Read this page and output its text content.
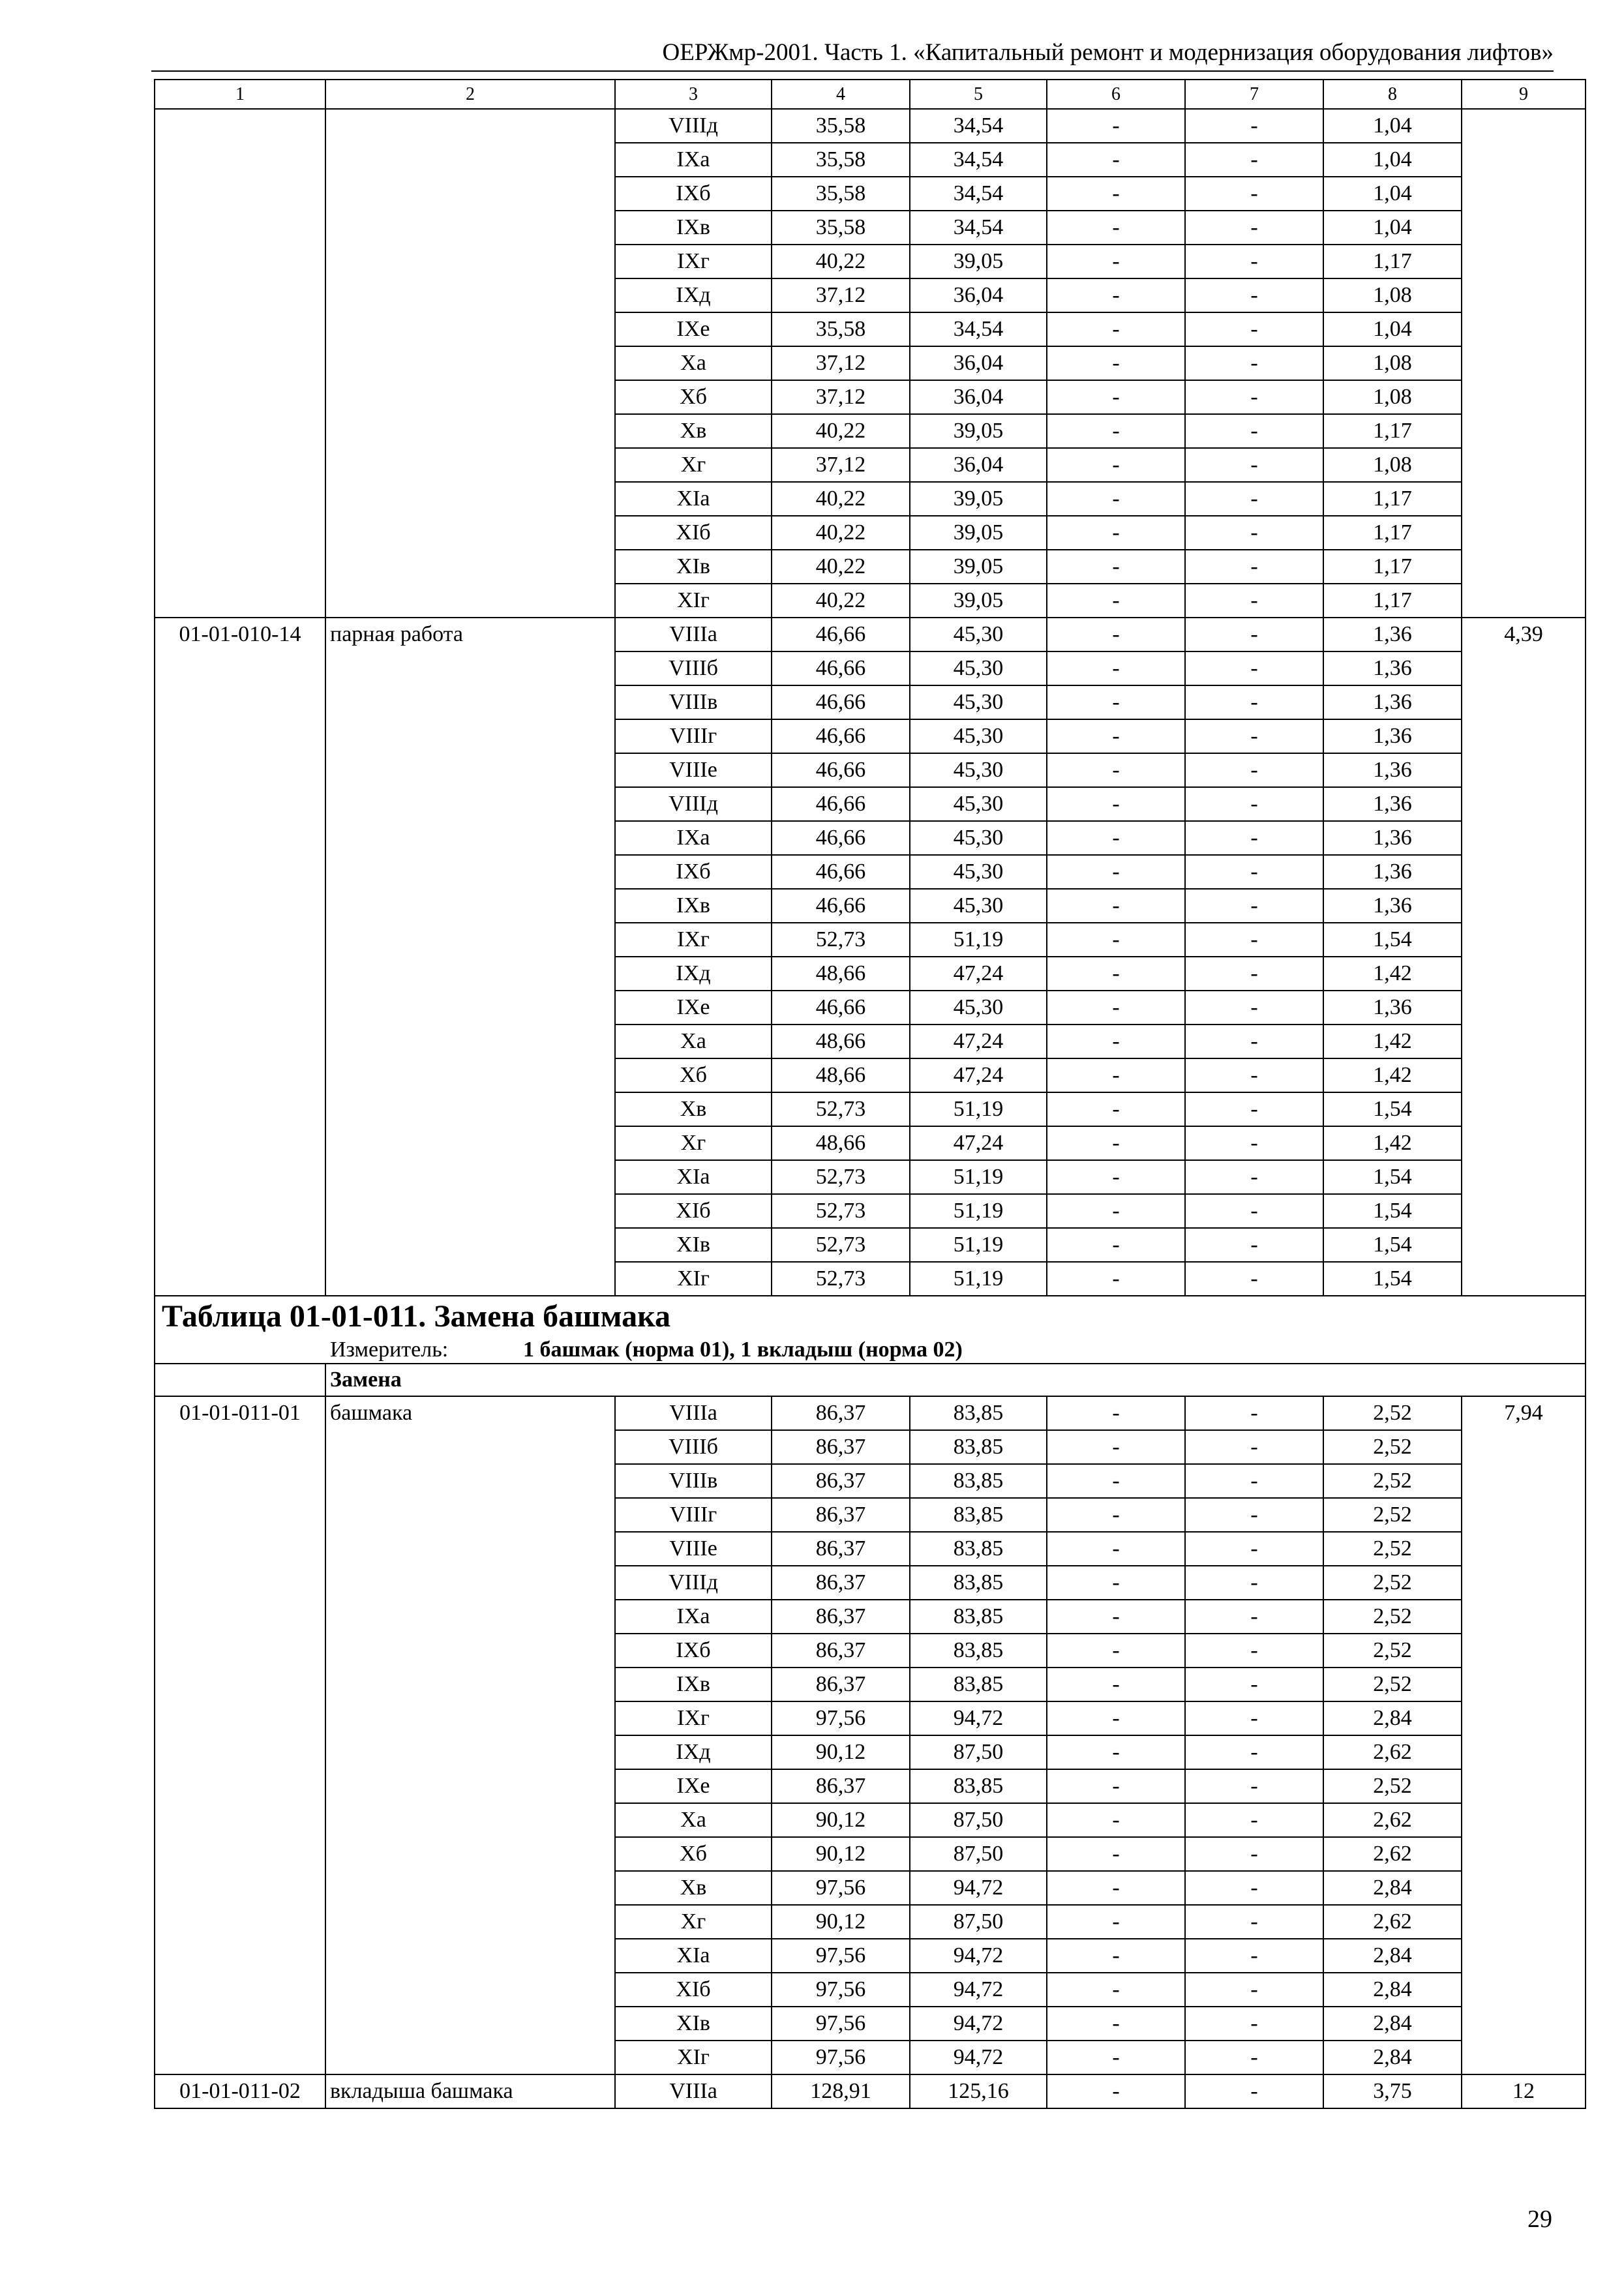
ОЕРЖмр-2001. Часть 1. «Капитальный ремонт и модернизация оборудования лифтов»
1	2	3	4	5	6	7	8	9
		VIIIд	35,58	34,54	-	-	1,04	
		IXа	35,58	34,54	-	-	1,04	
		IXб	35,58	34,54	-	-	1,04	
		IXв	35,58	34,54	-	-	1,04	
		IXг	40,22	39,05	-	-	1,17	
		IXд	37,12	36,04	-	-	1,08	
		IXе	35,58	34,54	-	-	1,04	
		Xа	37,12	36,04	-	-	1,08	
		Xб	37,12	36,04	-	-	1,08	
		Xв	40,22	39,05	-	-	1,17	
		Xг	37,12	36,04	-	-	1,08	
		XIа	40,22	39,05	-	-	1,17	
		XIб	40,22	39,05	-	-	1,17	
		XIв	40,22	39,05	-	-	1,17	
		XIг	40,22	39,05	-	-	1,17	
01-01-010-14	парная работа	VIIIа	46,66	45,30	-	-	1,36	4,39
		VIIIб	46,66	45,30	-	-	1,36	
		VIIIв	46,66	45,30	-	-	1,36	
		VIIIг	46,66	45,30	-	-	1,36	
		VIIIе	46,66	45,30	-	-	1,36	
		VIIIд	46,66	45,30	-	-	1,36	
		IXа	46,66	45,30	-	-	1,36	
		IXб	46,66	45,30	-	-	1,36	
		IXв	46,66	45,30	-	-	1,36	
		IXг	52,73	51,19	-	-	1,54	
		IXд	48,66	47,24	-	-	1,42	
		IXе	46,66	45,30	-	-	1,36	
		Xа	48,66	47,24	-	-	1,42	
		Xб	48,66	47,24	-	-	1,42	
		Xв	52,73	51,19	-	-	1,54	
		Xг	48,66	47,24	-	-	1,42	
		XIа	52,73	51,19	-	-	1,54	
		XIб	52,73	51,19	-	-	1,54	
		XIв	52,73	51,19	-	-	1,54	
		XIг	52,73	51,19	-	-	1,54	
Таблица 01-01-011. Замена башмака								
Измеритель: 1 башмак (норма 01), 1 вкладыш (норма 02)								
	Замена							
01-01-011-01	башмака	VIIIа	86,37	83,85	-	-	2,52	7,94
		VIIIб	86,37	83,85	-	-	2,52	
		VIIIв	86,37	83,85	-	-	2,52	
		VIIIг	86,37	83,85	-	-	2,52	
		VIIIе	86,37	83,85	-	-	2,52	
		VIIIд	86,37	83,85	-	-	2,52	
		IXа	86,37	83,85	-	-	2,52	
		IXб	86,37	83,85	-	-	2,52	
		IXв	86,37	83,85	-	-	2,52	
		IXг	97,56	94,72	-	-	2,84	
		IXд	90,12	87,50	-	-	2,62	
		IXе	86,37	83,85	-	-	2,52	
		Xа	90,12	87,50	-	-	2,62	
		Xб	90,12	87,50	-	-	2,62	
		Xв	97,56	94,72	-	-	2,84	
		Xг	90,12	87,50	-	-	2,62	
		XIа	97,56	94,72	-	-	2,84	
		XIб	97,56	94,72	-	-	2,84	
		XIв	97,56	94,72	-	-	2,84	
		XIг	97,56	94,72	-	-	2,84	
01-01-011-02	вкладыша башмака	VIIIа	128,91	125,16	-	-	3,75	12
29
